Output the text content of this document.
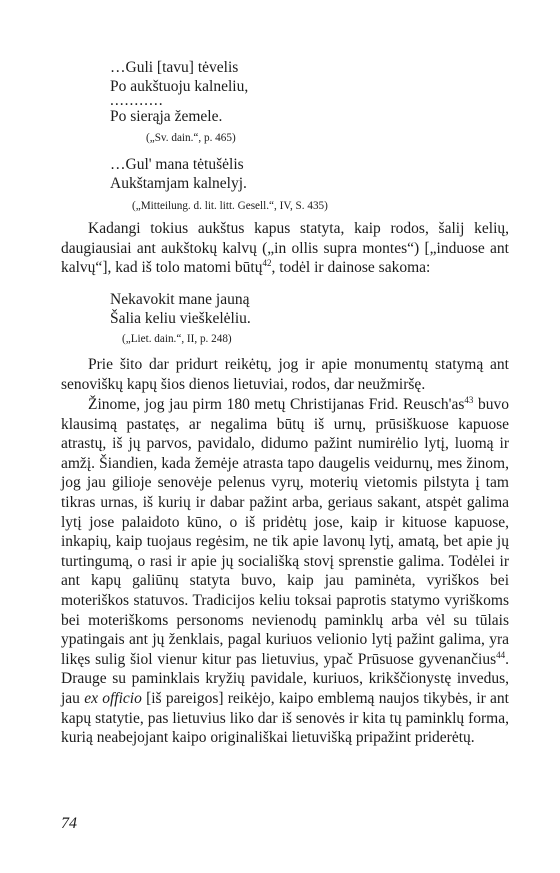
…Guli [tavu] tėvelis
Po aukštuoju kalneliu,
...........
Po sierąja žemele.
(„Sv. dain.“, p. 465)
…Gul' mana tėtušėlis
Aukštamjam kalnelyj.
(„Mitteilung. d. lit. litt. Gesell.“, IV, S. 435)

Kadangi tokius aukštus kapus statyta, kaip rodos, šalij kelių, daugiausiai ant aukštokų kalvų („in ollis supra montes“) [„induose ant kalvų“], kad iš tolo matomi būtų$^{42}$, todėl ir dainose sakoma:

Nekavokit mane jauną
Šalia keliu vieškelėliu.
(„Liet. dain.“, II, p. 248)

Prie šito dar pridurt reikėtų, jog ir apie monumentų statymą ant senoviškų kapų šios dienos lietuviai, rodos, dar neužmiršę.

Žinome, jog jau pirm 180 metų Christijanas Frid. $Reusch'as^{43}$ buvo klausimą pastatęs, ar negalima būtų iš urnų, prūsiškuose kapuose atrastų, iš jų parvos, pavidalo, didumo pažint numirėlio lytį, luomą ir amžį. Šiandien, kada žemėje atrasta tapo daugelis veidurnų, mes žinom, jog jau gilioje senovėje pelenus vyrų, moterių vietomis pilstyta į tam tikras urnas, iš kurių ir dabar pažint arba, geriaus sakant, atspėt galima lytį jose palaidoto kūno, o iš pridėtų jose, kaip ir kituose kapuose, inkapių, kaip tuojaus regėsim, ne tik apie lavonų lytį, amatą, bet apie jų turtingumą, o rasi ir apie jų sociališką stovį sprenstie galima. Todėlei ir ant kapų galiūnų statyta buvo, kaip jau paminėta, vyriškos bei moteriškos statuvos. Tradicijos keliu toksai paprotis statymo vyriškoms bei moteriškoms personoms nevienodų paminklų arba vėl su tūlais ypatingais ant jų ženklais, pagal kuriuos velionio lytį pažint galima, yra likęs sulig šiol vienur kitur pas lietuvius, ypač Prūsuose gyvenančius$^{44}$. Drauge su paminklais kryžių pavidale, kuriuos, krikščionystę invedus, jau ex officio [iš pareigos] reikėjo, kaipo emblemą naujos tikybės, ir ant kapų statytie, pas lietuvius liko dar iš senovės ir kita tų paminklų forma, kurią neabejojant kaipo originališkai lietuvišką pripažint priderėtų.

74
